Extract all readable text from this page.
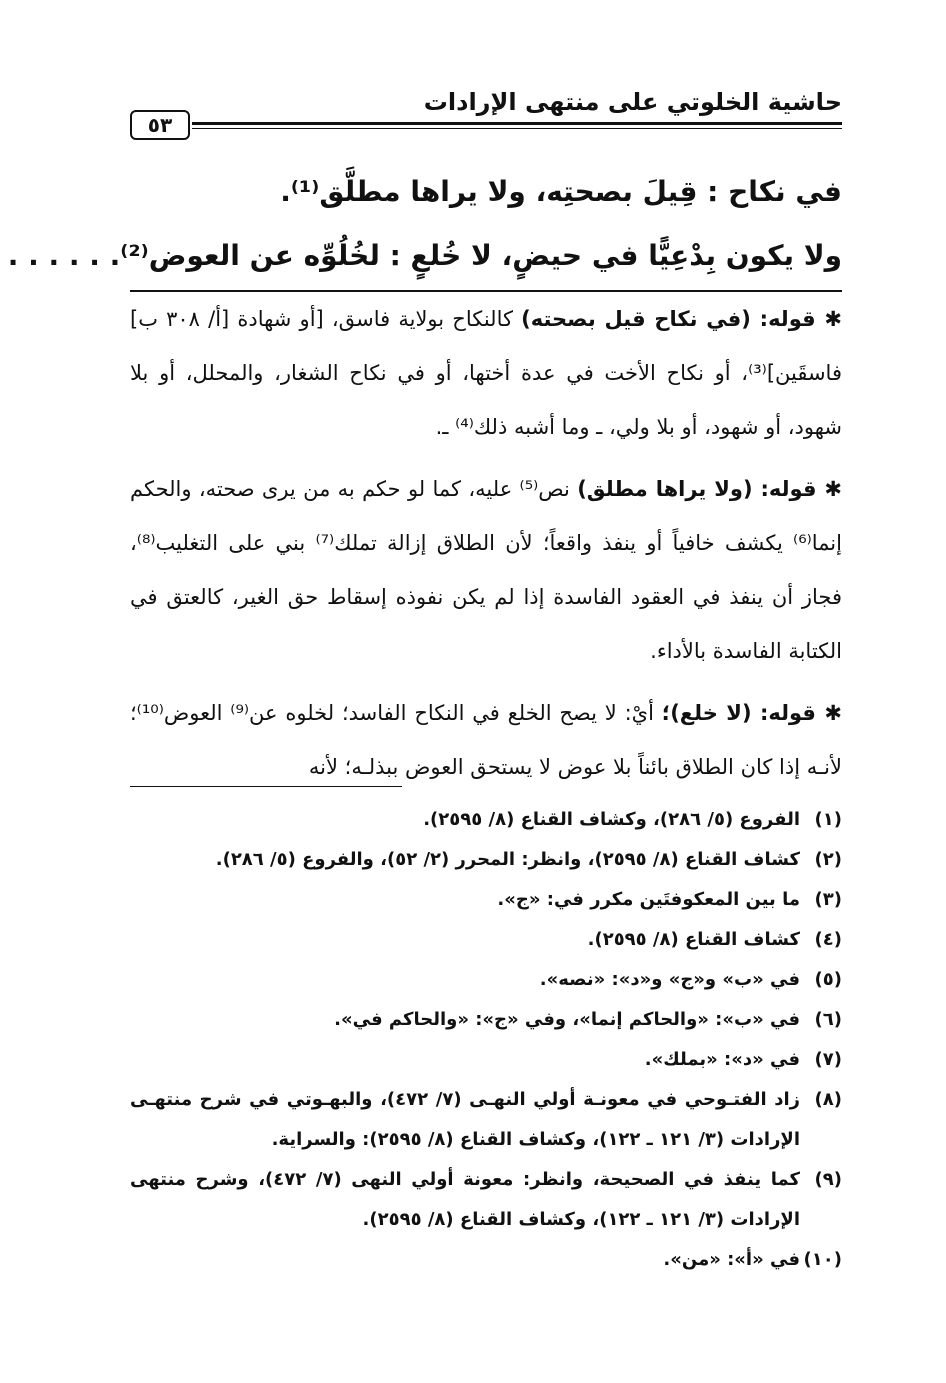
حاشية الخلوتي على منتهى الإرادات
٥٣
في نكاح : قِيلَ بصحتِه، ولا يراها مطلَّق⁽¹⁾.
ولا يكون بِدْعِيًّا في حيضٍ، لا خُلعٍ : لخُلُوِّه عن العوض⁽²⁾. . . . . .

✱ قوله: (في نكاح قيل بصحته) كالنكاح بولاية فاسق، [أو شهادة [أ/ ٣٠٨ ب] فاسقَين]⁽³⁾، أو نكاح الأخت في عدة أختها، أو في نكاح الشغار، والمحلل، أو بلا شهود، أو شهود، أو بلا ولي، ـ وما أشبه ذلك⁽⁴⁾ ـ.

✱ قوله: (ولا يراها مطلق) نص⁽⁵⁾ عليه، كما لو حكم به من يرى صحته، والحكم إنما⁽⁶⁾ يكشف خافياً أو ينفذ واقعاً؛ لأن الطلاق إزالة تملك⁽⁷⁾ بني على التغليب⁽⁸⁾، فجاز أن ينفذ في العقود الفاسدة إذا لم يكن نفوذه إسقاط حق الغير، كالعتق في الكتابة الفاسدة بالأداء.

✱ قوله: (لا خلع)؛ أيْ: لا يصح الخلع في النكاح الفاسد؛ لخلوه عن⁽⁹⁾ العوض⁽¹⁰⁾؛ لأنـه إذا كان الطلاق بائناً بلا عوض لا يستحق العوض ببذلـه؛ لأنه

(١)
الفروع (٥/ ٢٨٦)، وكشاف القناع (٨/ ٢٥٩٥).
(٢)
كشاف القناع (٨/ ٢٥٩٥)، وانظر: المحرر (٢/ ٥٢)، والفروع (٥/ ٢٨٦).
(٣)
ما بين المعكوفتَين مكرر في: «ج».
(٤)
كشاف القناع (٨/ ٢٥٩٥).
(٥)
في «ب» و«ج» و«د»: «نصه».
(٦)
في «ب»: «والحاكم إنما»، وفي «ج»: «والحاكم في».
(٧)
في «د»: «بملك».
(٨)
زاد الفتـوحي في معونـة أولي النهـى (٧/ ٤٧٢)، والبهـوتي في شرح منتهـى الإرادات (٣/ ١٢١ ـ ١٢٢)، وكشاف القناع (٨/ ٢٥٩٥): والسراية.
(٩)
كما ينفذ في الصحيحة، وانظر: معونة أولي النهى (٧/ ٤٧٢)، وشرح منتهى الإرادات (٣/ ١٢١ ـ ١٢٢)، وكشاف القناع (٨/ ٢٥٩٥).
(١٠)
في «أ»: «من».
